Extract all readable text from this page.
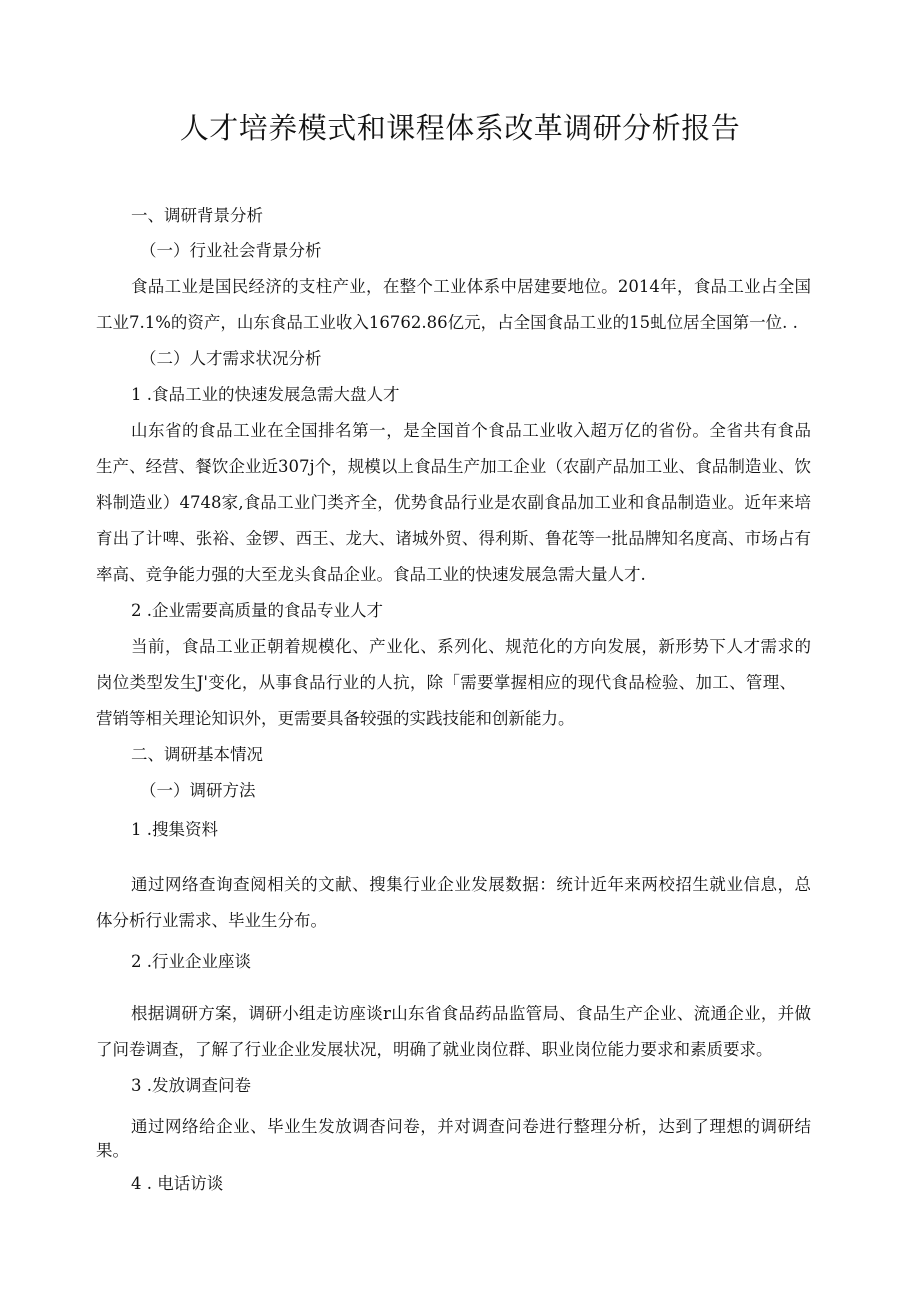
人才培养模式和课程体系改革调研分析报告

一、调研背景分析

（一）行业社会背景分析

食品工业是国民经济的支柱产业，在整个工业体系中居建要地位。2014年，食品工业占全国

工业7.1%的资产，山东食品工业收入16762.86亿元，占全国食品工业的15虬位居全国第一位. .

（二）人才需求状况分析

1 .食品工业的快速发展急需大盘人才

山东省的食品工业在全国排名第一，是全国首个食品工业收入超万亿的省份。全省共有食品

生产、经营、餐饮企业近307j个，规模以上食品生产加工企业（农副产品加工业、食品制造业、饮

料制造业）4748家,食品工业门类齐全，优势食品行业是农副食品加工业和食品制造业。近年来培

育出了计啤、张裕、金锣、西王、龙大、诸城外贸、得利斯、鲁花等一批品牌知名度高、市场占有

率高、竞争能力强的大至龙头食品企业。食品工业的快速发展急需大量人才.

2 .企业需要高质量的食品专业人才

当前，食品工业正朝着规模化、产业化、系列化、规范化的方向发展，新形势下人才需求的

岗位类型发生J'变化，从事食品行业的人抗，除「需要掌握相应的现代食品检验、加工、管理、

营销等相关理论知识外，更需要具备较强的实践技能和创新能力。

二、调研基本情况

（一）调研方法

1 .搜集资料

通过网络查询查阅相关的文献、搜集行业企业发展数据：统计近年来两校招生就业信息，总

体分析行业需求、毕业生分布。

2 .行业企业座谈

根据调研方案，调研小组走访座谈r山东省食品药品监管局、食品生产企业、流通企业，并做

了问卷调查，了解了行业企业发展状况，明确了就业岗位群、职业岗位能力要求和素质要求。

3 .发放调查问卷

通过网络给企业、毕业生发放调杳问卷，并对调查问卷进行整理分析，达到了理想的调研结

果。

4 . 电话访谈
